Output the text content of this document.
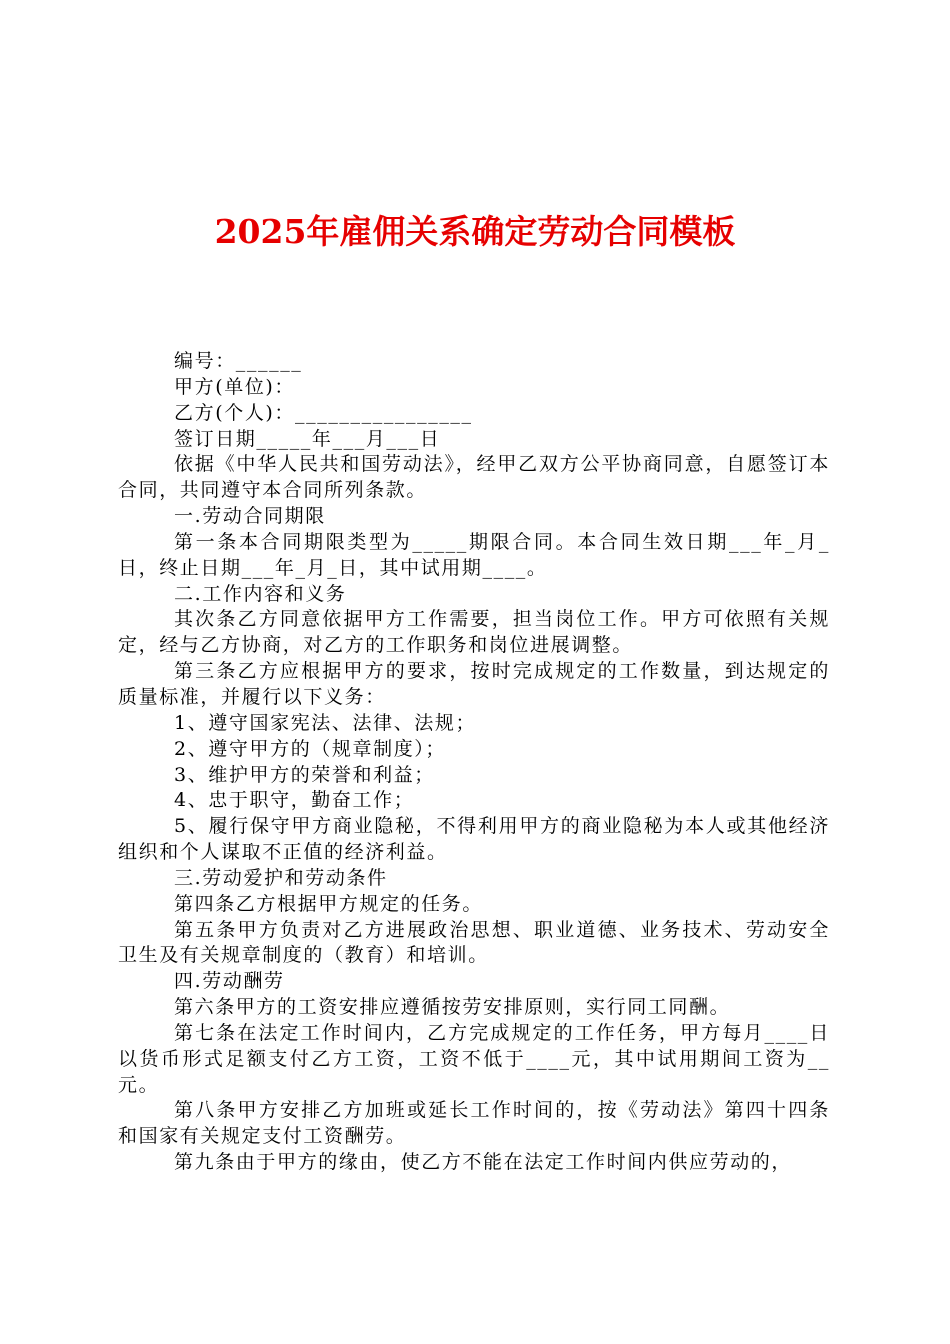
2025年雇佣关系确定劳动合同模板

编号：______

甲方(单位)：

乙方(个人)：________________

签订日期_____年___月___日

依据《中华人民共和国劳动法》，经甲乙双方公平协商同意，自愿签订本合同，共同遵守本合同所列条款。

一.劳动合同期限

第一条本合同期限类型为_____期限合同。本合同生效日期___年_月_日，终止日期___年_月_日，其中试用期____。

二.工作内容和义务

其次条乙方同意依据甲方工作需要，担当岗位工作。甲方可依照有关规定，经与乙方协商，对乙方的工作职务和岗位进展调整。

第三条乙方应根据甲方的要求，按时完成规定的工作数量，到达规定的质量标准，并履行以下义务：

1、遵守国家宪法、法律、法规；

2、遵守甲方的（规章制度）；

3、维护甲方的荣誉和利益；

4、忠于职守，勤奋工作；

5、履行保守甲方商业隐秘，不得利用甲方的商业隐秘为本人或其他经济组织和个人谋取不正值的经济利益。

三.劳动爱护和劳动条件

第四条乙方根据甲方规定的任务。

第五条甲方负责对乙方进展政治思想、职业道德、业务技术、劳动安全卫生及有关规章制度的（教育）和培训。

四.劳动酬劳

第六条甲方的工资安排应遵循按劳安排原则，实行同工同酬。

第七条在法定工作时间内，乙方完成规定的工作任务，甲方每月____日以货币形式足额支付乙方工资，工资不低于____元，其中试用期间工资为__元。

第八条甲方安排乙方加班或延长工作时间的，按《劳动法》第四十四条和国家有关规定支付工资酬劳。

第九条由于甲方的缘由，使乙方不能在法定工作时间内供应劳动的，
